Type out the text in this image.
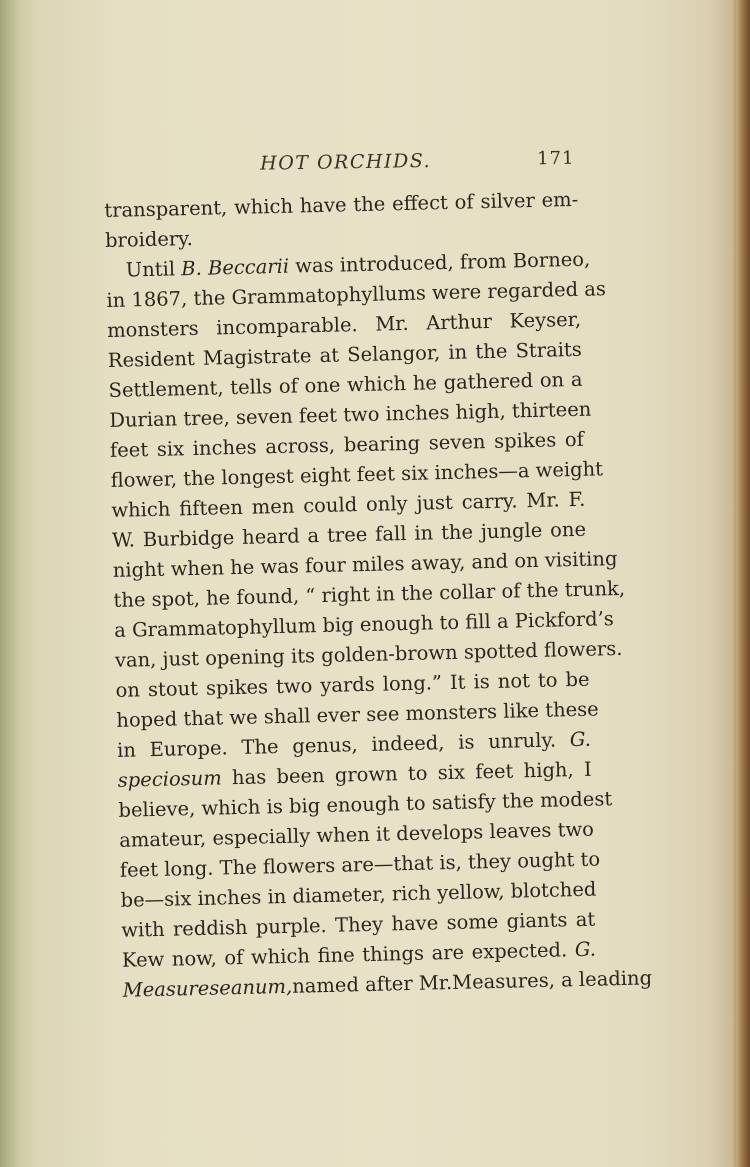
HOT ORCHIDS.	171
transparent, which have the effect of silver em-
broidery.
Until B. Beccarii was introduced, from Borneo,
in 1867, the Grammatophyllums were regarded as
monsters incomparable. Mr. Arthur Keyser,
Resident Magistrate at Selangor, in the Straits
Settlement, tells of one which he gathered on a
Durian tree, seven feet two inches high, thirteen
feet six inches across, bearing seven spikes of
flower, the longest eight feet six inches—a weight
which fifteen men could only just carry. Mr. F.
W. Burbidge heard a tree fall in the jungle one
night when he was four miles away, and on visiting
the spot, he found, “ right in the collar of the trunk,
a Grammatophyllum big enough to fill a Pickford’s
van, just opening its golden-brown spotted flowers.
on stout spikes two yards long.” It is not to be
hoped that we shall ever see monsters like these
in Europe. The genus, indeed, is unruly. G.
speciosum has been grown to six feet high, I
believe, which is big enough to satisfy the modest
amateur, especially when it develops leaves two
feet long. The flowers are—that is, they ought to
be—six inches in diameter, rich yellow, blotched
with reddish purple. They have some giants at
Kew now, of which fine things are expected. G.
Measureseanum,named after Mr.Measures, a leading
